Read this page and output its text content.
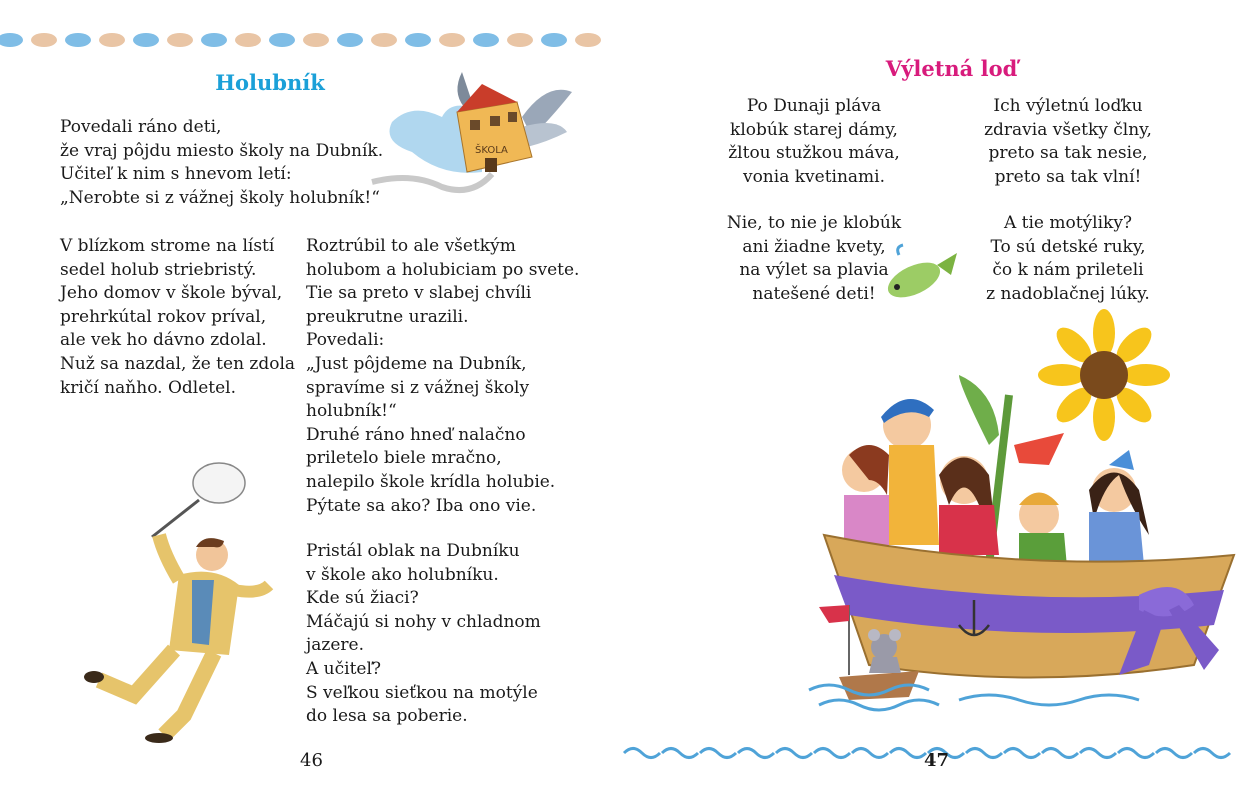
Holubník

Povedali ráno deti,
že vraj pôjdu miesto školy na Dubník.
Učiteľ k nim s hnevom letí:
„Nerobte si z vážnej školy holubník!“

V blízkom strome na lístí
sedel holub striebristý.
Jeho domov v škole býval,
prehrkútal rokov príval,
ale vek ho dávno zdolal.
Nuž sa nazdal, že ten zdola
kričí naňho. Odletel.

Roztrúbil to ale všetkým
holubom a holubiciam po svete.
Tie sa preto v slabej chvíli
preukrutne urazili.
Povedali:
„Just pôjdeme na Dubník,
spravíme si z vážnej školy
holubník!“
Druhé ráno hneď nalačno
priletelo biele mračno,
nalepilo škole krídla holubie.
Pýtate sa ako? Iba ono vie.

Pristál oblak na Dubníku
v škole ako holubníku.
Kde sú žiaci?
Máčajú si nohy v chladnom
jazere.
A učiteľ?
S veľkou sieťkou na motýle
do lesa sa poberie.

ŠKOLA
46
Výletná loď

Po Dunaji pláva
klobúk starej dámy,
žltou stužkou máva,
vonia kvetinami.

Nie, to nie je klobúk
ani žiadne kvety,
na výlet sa plavia
natešené deti!

Ich výletnú loďku
zdravia všetky člny,
preto sa tak nesie,
preto sa tak vlní!

A tie motýliky?
To sú detské ruky,
čo k nám prileteli
z nadoblačnej lúky.

47
